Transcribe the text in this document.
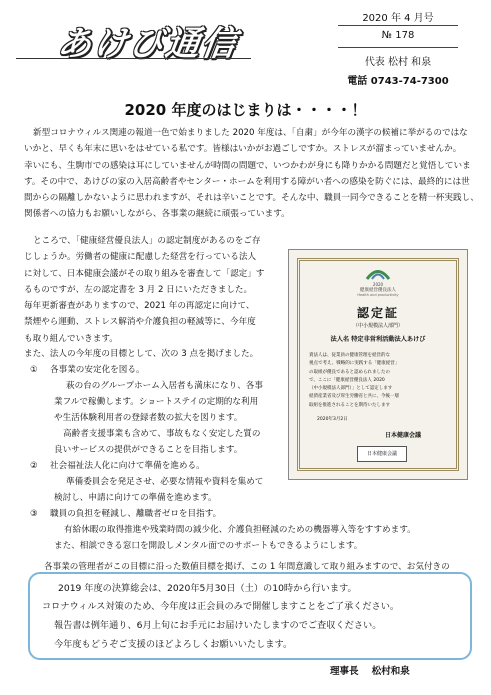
あけび通信
2020 年 4 月号
№ 178
代表 松村 和泉
電話 0743-74-7300
2020 年度のはじまりは・・・・！
新型コロナウィルス関連の報道一色で始まりました 2020 年度は、「自粛」が今年の漢字の候補に挙がるのではな
いかと、早くも年末に思いをはせている私です。皆様はいかがお過ごしですか。ストレスが溜まっていませんか。
幸いにも、生駒市での感染は耳にしていませんが時間の問題で、いつかわが身にも降りかかる問題だと覚悟していま
す。その中で、あけびの家の入居高齢者やセンター・ホームを利用する障がい者への感染を防ぐには、最終的には世
間からの隔離しかないように思われますが、それは辛いことです。そんな中、職員一同今できることを精一杯実践し、
関係者への協力もお願いしながら、各事業の継続に頑張っています。
ところで、「健康経営優良法人」の認定制度があるのをご存
じしょうか。労働者の健康に配慮した経営を行っている法人
に対して、日本健康会議がその取り組みを審査して「認定」す
るものですが、左の認定書を 3 月 2 日にいただきました。
毎年更新審査がありますので、2021 年の再認定に向けて、
禁煙やら運動、ストレス解消や介護負担の軽減等に、今年度
も取り組んでいきます。
また、法人の今年度の目標として、次の 3 点を掲げました。
① 各事業の安定化を図る。
萩の台のグループホーム入居者も満床になり、各事
業フルで稼働します。ショートステイの定期的な利用
や生活体験利用者の登録者数の拡大を図ります。
高齢者支援事業も含めて、事故もなく安定した質の
良いサービスの提供ができることを目指します。
② 社会福祉法人化に向けて準備を進める。
準備委員会を発足させ、必要な情報や資料を集めて
検討し、申請に向けての準備を進めます。
③ 職員の負担を軽減し、離職者ゼロを目指す。
有給休暇の取得推進や残業時間の減少化、介護負担軽減のための機器導入等をすすめます。
また、相談できる窓口を開設しメンタル面でのサポートもできるようにします。
各事業の管理者がこの目標に沿った数値目標を掲げ、この 1 年間意識して取り組みますので、お気付きの
2020
健康経営優良法人
Health and productivity
認定証
（中小規模法人部門）
法人名 特定非営利活動法人あけび
貴法人は、従業員の健康管理を経営的な
視点で考え、戦略的に実践する「健康経営」
の取組が優良であると認められましたの
で、ここに「健康経営優良法人 2020
（中小規模法人部門）」として認定します
経済産業省及び厚生労働省と共に、今後一層
取組を推進されることを期待いたします
2020年3月2日
日本健康会議
日本健康会議
2019 年度の決算総会は、2020年5月30日（土）の10時から行います。
コロナウィルス対策のため、今年度は正会員のみで開催しますことをご了承ください。
報告書は例年通り、6月上旬にお手元にお届けいたしますのでご査収ください。
今年度もどうぞご支援のほどよろしくお願いいたします。
理事長    松村和泉
